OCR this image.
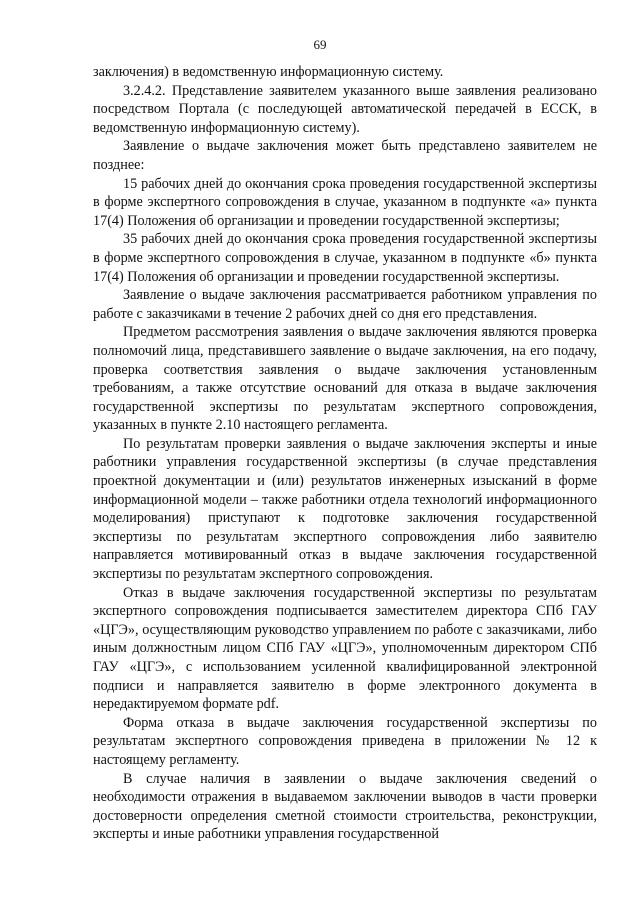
69

заключения) в ведомственную информационную систему.

3.2.4.2. Представление заявителем указанного выше заявления реализовано посредством Портала (с последующей автоматической передачей в ЕССК, в ведомственную информационную систему).

Заявление о выдаче заключения может быть представлено заявителем не позднее:

15 рабочих дней до окончания срока проведения государственной экспертизы в форме экспертного сопровождения в случае, указанном в подпункте «а» пункта 17(4) Положения об организации и проведении государственной экспертизы;

35 рабочих дней до окончания срока проведения государственной экспертизы в форме экспертного сопровождения в случае, указанном в подпункте «б» пункта 17(4) Положения об организации и проведении государственной экспертизы.

Заявление о выдаче заключения рассматривается работником управления по работе с заказчиками в течение 2 рабочих дней со дня его представления.

Предметом рассмотрения заявления о выдаче заключения являются проверка полномочий лица, представившего заявление о выдаче заключения, на его подачу, проверка соответствия заявления о выдаче заключения установленным требованиям, а также отсутствие оснований для отказа в выдаче заключения государственной экспертизы по результатам экспертного сопровождения, указанных в пункте 2.10 настоящего регламента.

По результатам проверки заявления о выдаче заключения эксперты и иные работники управления государственной экспертизы (в случае представления проектной документации и (или) результатов инженерных изысканий в форме информационной модели – также работники отдела технологий информационного моделирования) приступают к подготовке заключения государственной экспертизы по результатам экспертного сопровождения либо заявителю направляется мотивированный отказ в выдаче заключения государственной экспертизы по результатам экспертного сопровождения.

Отказ в выдаче заключения государственной экспертизы по результатам экспертного сопровождения подписывается заместителем директора СПб ГАУ «ЦГЭ», осуществляющим руководство управлением по работе с заказчиками, либо иным должностным лицом СПб ГАУ «ЦГЭ», уполномоченным директором СПб ГАУ «ЦГЭ», с использованием усиленной квалифицированной электронной подписи и направляется заявителю в форме электронного документа в нередактируемом формате pdf.

Форма отказа в выдаче заключения государственной экспертизы по результатам экспертного сопровождения приведена в приложении № 12 к настоящему регламенту.

В случае наличия в заявлении о выдаче заключения сведений о необходимости отражения в выдаваемом заключении выводов в части проверки достоверности определения сметной стоимости строительства, реконструкции, эксперты и иные работники управления государственной
